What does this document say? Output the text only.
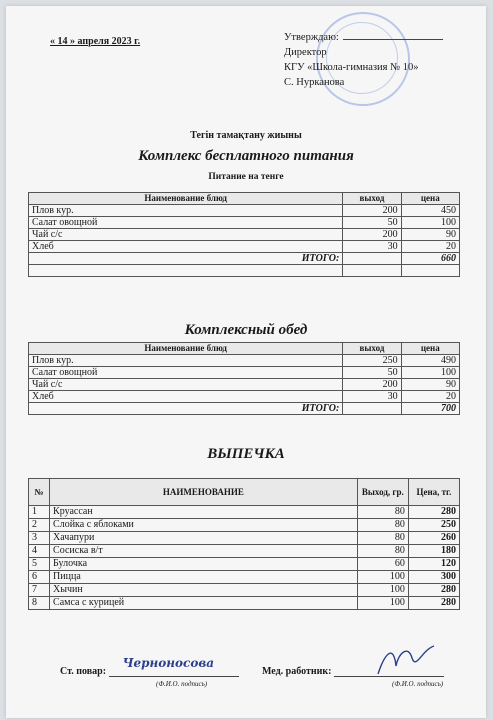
« 14 » апреля 2023 г.	Утверждаю:
Директор
КГУ «Школа-гимназия № 10»
С. Нурканова
Тегін тамақтану жиыны
Комплекс бесплатного питания
Питание на тенге
Наименование блюд	выход	цена
Плов кур.	200	450
Салат овощной	50	100
Чай с/с	200	90
Хлеб	30	20
ИТОГО:		660

Комплексный обед
Наименование блюд	выход	цена
Плов кур.	250	490
Салат овощной	50	100
Чай с/с	200	90
Хлеб	30	20
ИТОГО:		700
ВЫПЕЧКА
№	НАИМЕНОВАНИЕ	Выход, гр.	Цена, тг.
1	Круассан	80	280
2	Слойка с яблоками	80	250
3	Хачапури	80	260
4	Сосиска в/т	80	180
5	Булочка	60	120
6	Пицца	100	300
7	Хычин	100	280
8	Самса с курицей	100	280
Ст. повар:
Черноносова
(Ф.И.О. подпись)
Мед. работник:
(Ф.И.О. подпись)
